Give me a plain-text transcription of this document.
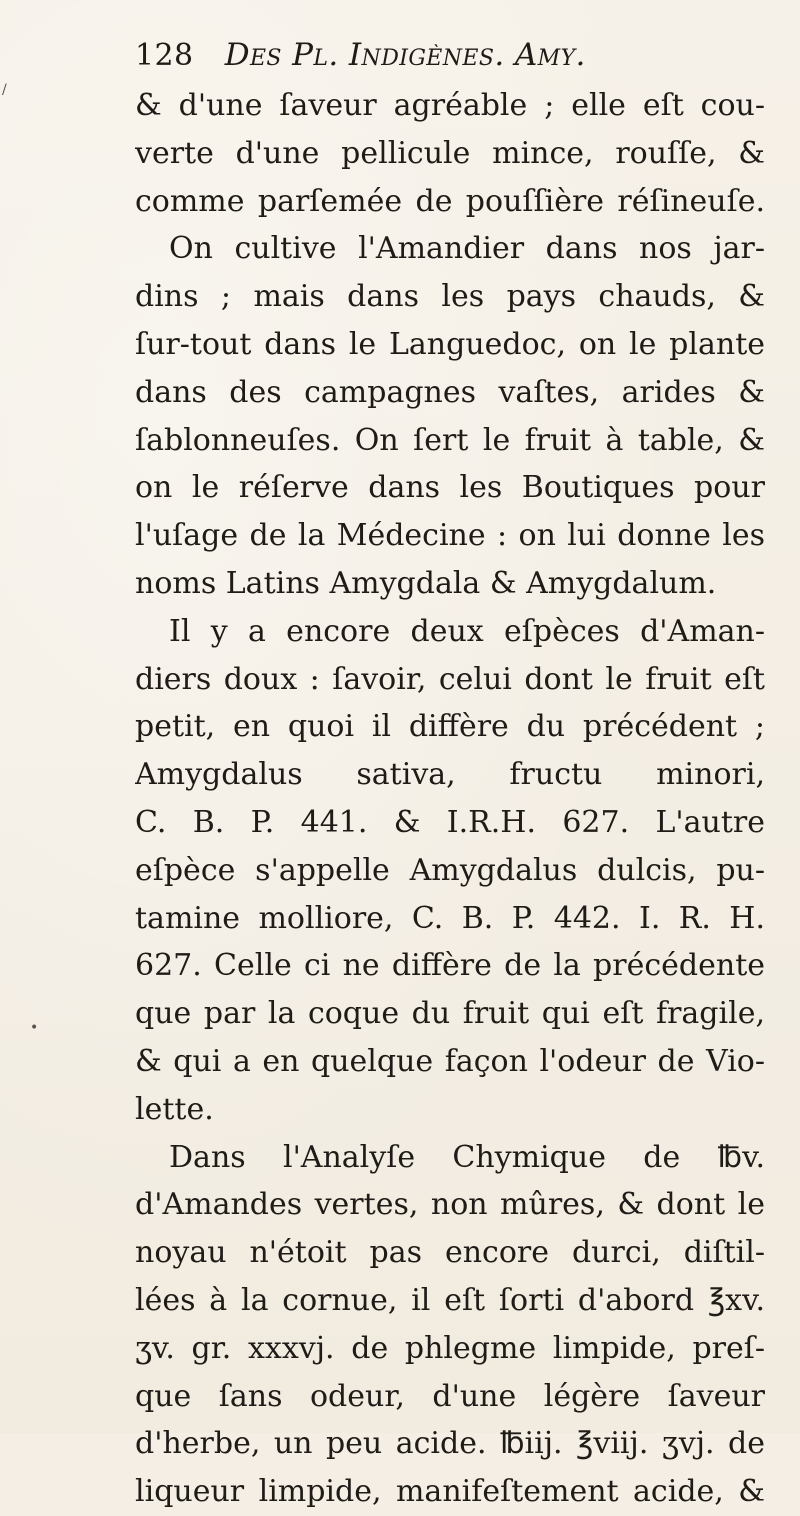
/
•
128 Des Pl. Indigènes. Amy.
& d'une ſaveur agréable ; elle eſt cou-
verte d'une pellicule mince, rouſſe, &
comme parſemée de pouſſière réſineuſe.
On cultive l'Amandier dans nos jar-
dins ; mais dans les pays chauds, &
ſur-tout dans le Languedoc, on le plante
dans des campagnes vaſtes, arides &
ſablonneuſes. On ſert le fruit à table, &
on le réſerve dans les Boutiques pour
l'uſage de la Médecine : on lui donne les
noms Latins Amygdala & Amygdalum.
Il y a encore deux eſpèces d'Aman-
diers doux : ſavoir, celui dont le fruit eſt
petit, en quoi il diffère du précédent ;
Amygdalus sativa, fructu minori,
C. B. P. 441. & I.R.H. 627. L'autre
eſpèce s'appelle Amygdalus dulcis, pu-
tamine molliore, C. B. P. 442. I. R. H.
627. Celle ci ne diffère de la précédente
que par la coque du fruit qui eſt fragile,
& qui a en quelque façon l'odeur de Vio-
lette.
Dans l'Analyſe Chymique de ℔v.
d'Amandes vertes, non mûres, & dont le
noyau n'étoit pas encore durci, diſtil-
lées à la cornue, il eſt ſorti d'abord ℥xv.
ʒv. gr. xxxvj. de phlegme limpide, preſ-
que ſans odeur, d'une légère ſaveur
d'herbe, un peu acide. ℔iij. ℥viij. ʒvj. de
liqueur limpide, manifeſtement acide, &
